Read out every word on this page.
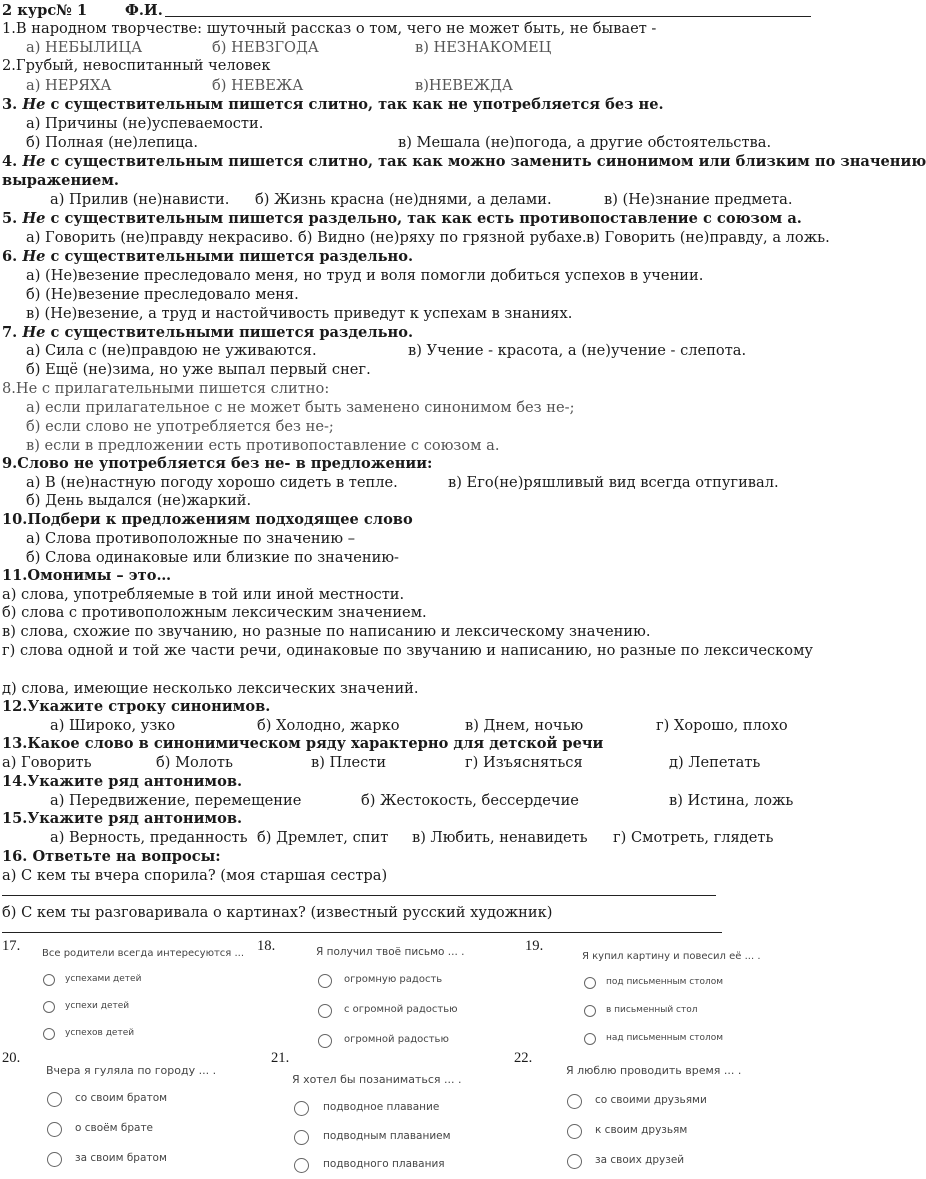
2 курс № 1	Ф.И.
1.В народном творчестве: шуточный рассказ о том, чего не может быть, не бывает -
а) НЕБЫЛИЦА	б) НЕВЗГОДА	в) НЕЗНАКОМЕЦ
2.Грубый, невоспитанный человек
а) НЕРЯХА	б) НЕВЕЖА	в)НЕВЕЖДА
3. Не с существительным пишется слитно, так как не употребляется без не.
а) Причины (не)успеваемости.
б) Полная (не)лепица.	в) Мешала (не)погода, а другие обстоятельства.
4. Не с существительным пишется слитно, так как можно заменить синонимом или близким по значению
выражением.
а) Прилив (не)нависти. б) Жизнь красна (не)днями, а делами.	в) (Не)знание предмета.
5. Не с существительным пишется раздельно, так как есть противопоставление с союзом а.
а) Говорить (не)правду некрасиво. б) Видно (не)ряху по грязной рубахе. в) Говорить (не)правду, а ложь.
6. Не с существительными пишется раздельно.
а) (Не)везение преследовало меня, но труд и воля помогли добиться успехов в учении.
б) (Не)везение преследовало меня.
в) (Не)везение, а труд и настойчивость приведут к успехам в знаниях.
7. Не с существительными пишется раздельно.
а) Сила с (не)правдою не уживаются.	в) Учение - красота, а (не)учение - слепота.
б) Ещё (не)зима, но уже выпал первый снег.
8.Не с прилагательными пишется слитно:
а) если прилагательное с не может быть заменено синонимом без не-;
б) если слово не употребляется без не-;
в) если в предложении есть противопоставление с союзом а.
9.Слово не употребляется без не- в предложении:
а) В (не)настную погоду хорошо сидеть в тепле.	в) Его(не)ряшливый вид всегда отпугивал.
б) День выдался (не)жаркий.
10.Подбери к предложениям подходящее слово
а) Слова противоположные по значению –
б) Слова одинаковые или близкие по значению-
11.Омонимы – это…
а) слова, употребляемые в той или иной местности.
б) слова с противоположным лексическим значением.
в) слова, схожие по звучанию, но разные по написанию и лексическому значению.
г) слова одной и той же части речи, одинаковые по звучанию и написанию, но разные по лексическому
д) слова, имеющие несколько лексических значений.
12.Укажите строку синонимов.
а) Широко, узко	б) Холодно, жарко	в) Днем, ночью	г) Хорошо, плохо
13.Какое слово в синонимическом ряду характерно для детской речи
а) Говорить	б) Молоть	в) Плести	г) Изъясняться	д) Лепетать
14.Укажите ряд антонимов.
а) Передвижение, перемещение	б) Жестокость, бессердечие	в) Истина, ложь
15.Укажите ряд антонимов.
а) Верность, преданность б) Дремлет, спит в) Любить, ненавидеть г) Смотреть, глядеть
16. Ответьте на вопросы:
а) С кем ты вчера спорила? (моя старшая сестра)
б) С кем ты разговаривала о картинах? (известный русский художник)
17. Все родители всегда интересуются ...
успехами детей
успехи детей
успехов детей
18.	Я получил твоё письмо ... .
огромную радость
с огромной радостью
огромной радостью
19.
Я купил картину и повесил её ... .
под письменным столом
в письменный стол
над письменным столом
20.
Вчера я гуляла по городу ... .
со своим братом
о своём брате
за своим братом
21.
Я хотел бы позаниматься ... .
подводное плавание
подводным плаванием
подводного плавания
22.
Я люблю проводить время ... .
со своими друзьями
к своим друзьям
за своих друзей
